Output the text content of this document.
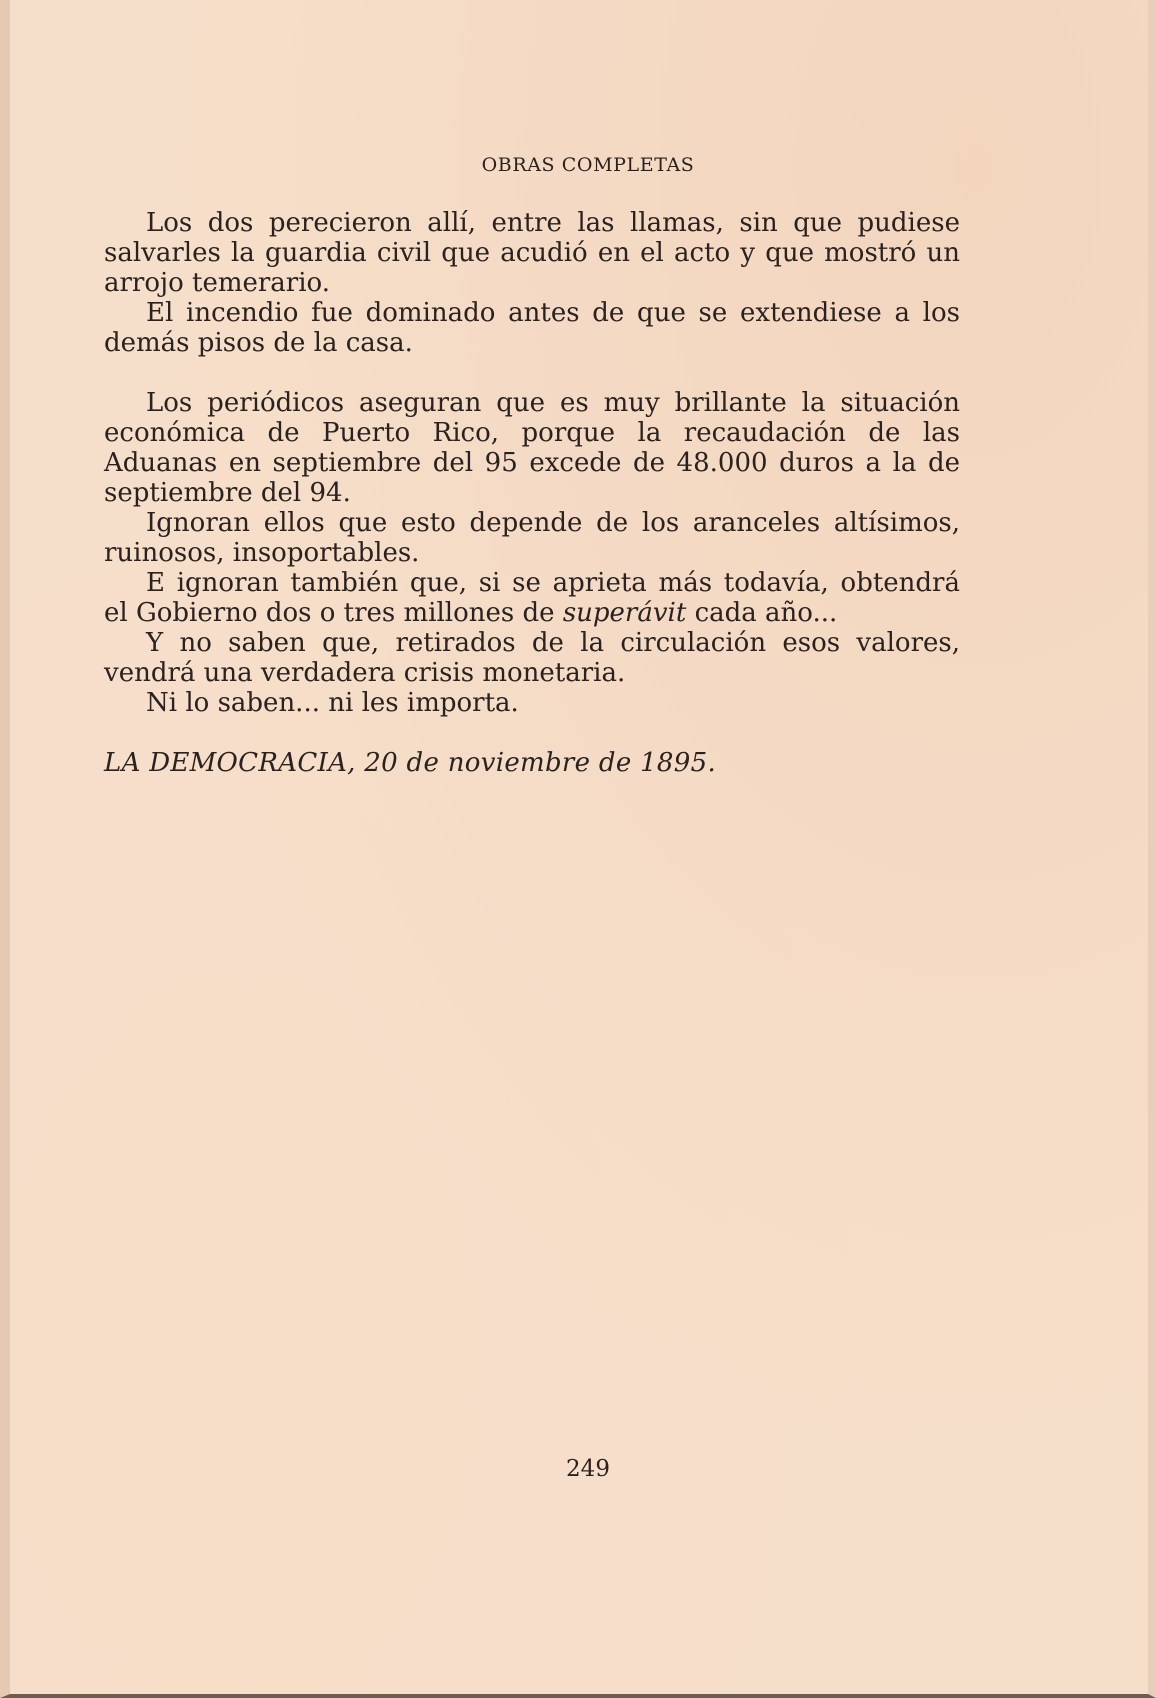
OBRAS COMPLETAS

Los dos perecieron allí, entre las llamas, sin que pudiese salvarles la guardia civil que acudió en el acto y que mostró un arrojo temerario.

El incendio fue dominado antes de que se extendiese a los demás pisos de la casa.

Los periódicos aseguran que es muy brillante la situación económica de Puerto Rico, porque la recaudación de las Aduanas en septiembre del 95 excede de 48.000 duros a la de septiembre del 94.

Ignoran ellos que esto depende de los aranceles altísimos, ruinosos, insoportables.

E ignoran también que, si se aprieta más todavía, obtendrá el Gobierno dos o tres millones de superávit cada año...

Y no saben que, retirados de la circulación esos valores, vendrá una verdadera crisis monetaria.

Ni lo saben... ni les importa.

LA DEMOCRACIA, 20 de noviembre de 1895.
249
